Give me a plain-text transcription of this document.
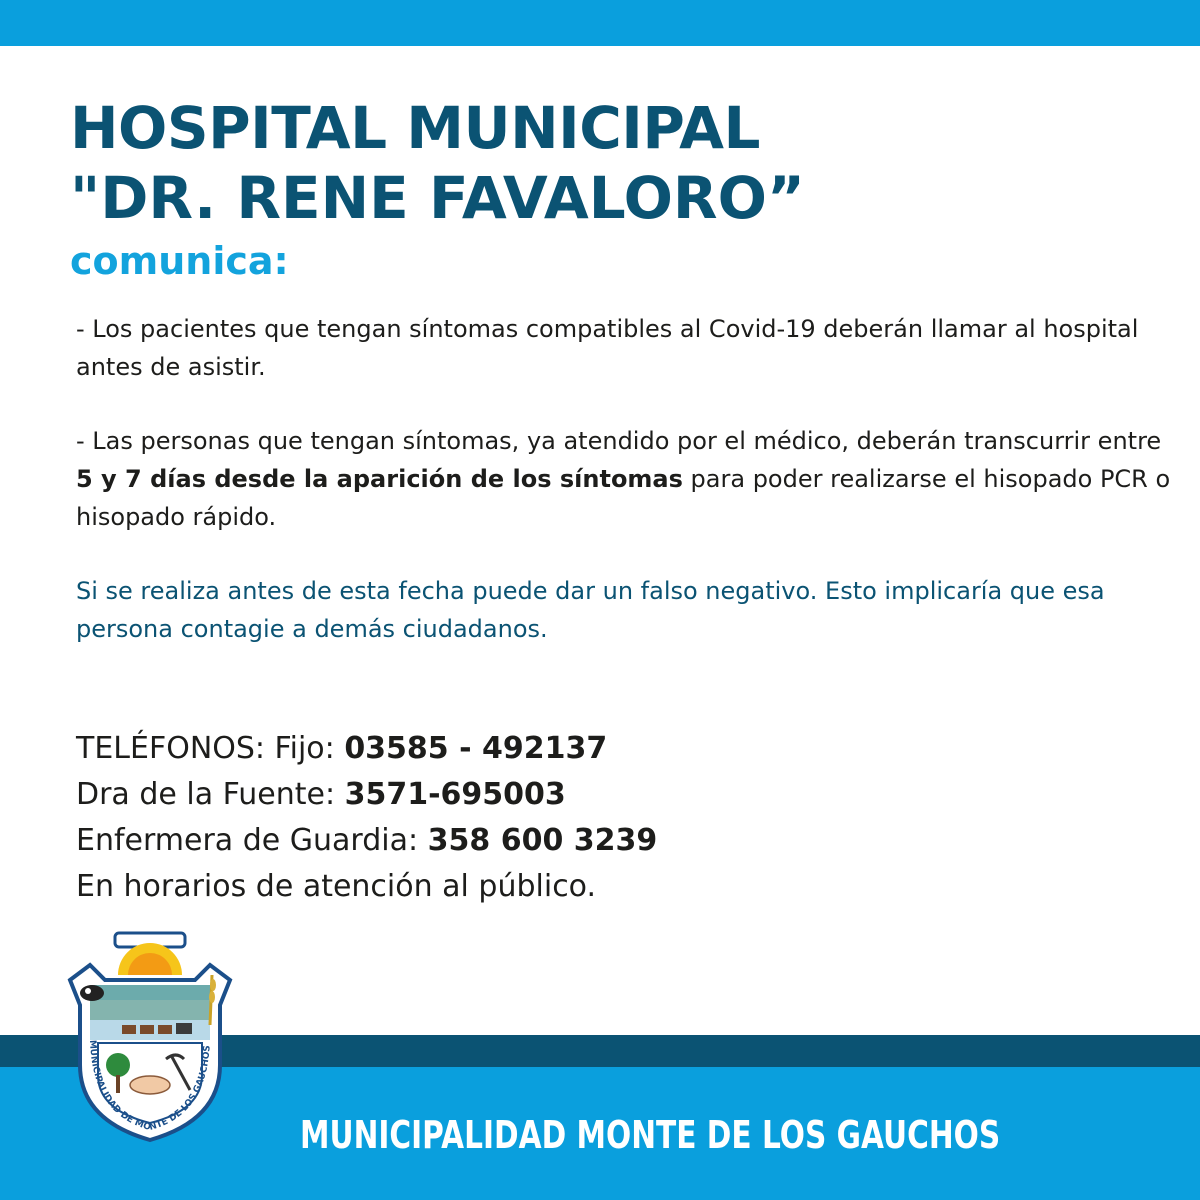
HOSPITAL MUNICIPAL
"DR. RENE FAVALORO”

comunica:

- Los pacientes que tengan síntomas compatibles al Covid-19 deberán llamar al hospital antes de asistir.

- Las personas que tengan síntomas, ya atendido por el médico, deberán transcurrir entre 5 y 7 días desde la aparición de los síntomas para poder realizarse el hisopado PCR o hisopado rápido.

Si se realiza antes de esta fecha puede dar un falso negativo. Esto implicaría que esa persona contagie a demás ciudadanos.

TELÉFONOS: Fijo: 03585 - 492137
Dra de la Fuente: 3571-695003
Enfermera de Guardia: 358 600 3239
En horarios de atención al público.

MUNICIPALIDAD MONTE DE LOS GAUCHOS

MUNICIPALIDAD DE MONTE DE LOS GAUCHOS
